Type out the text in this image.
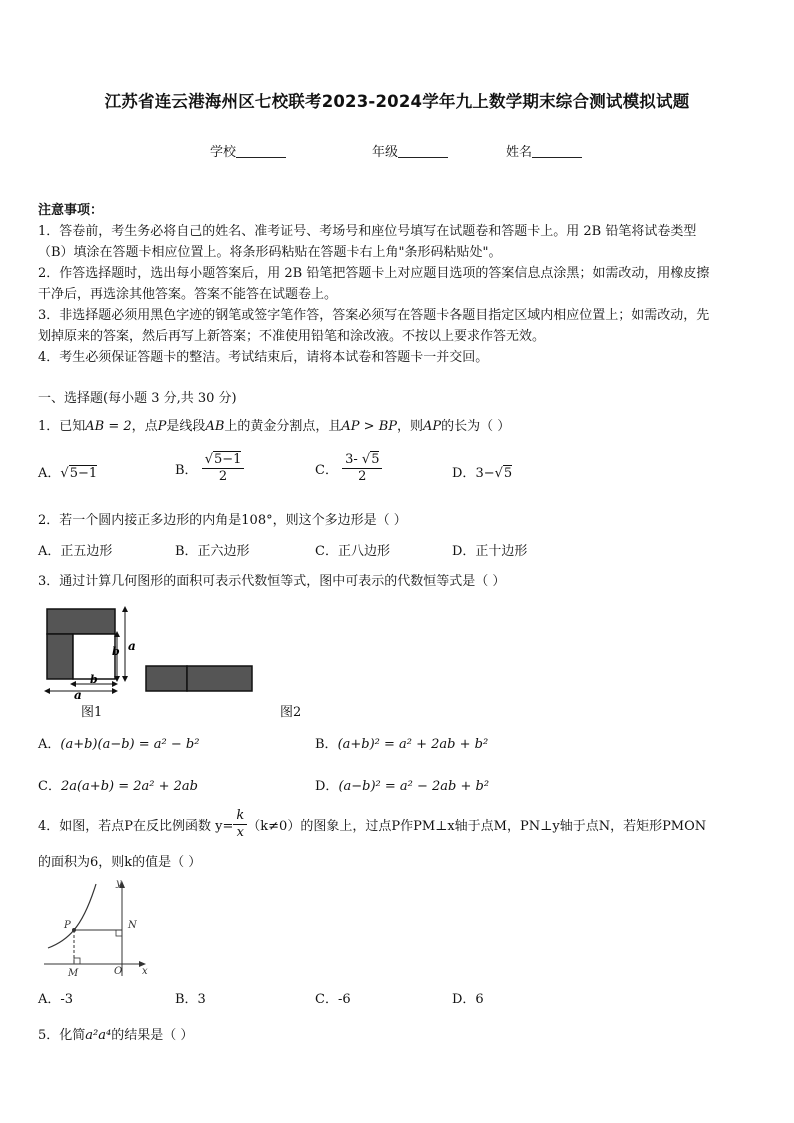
江苏省连云港海州区七校联考2023-2024学年九上数学期末综合测试模拟试题
学校	年级	姓名
注意事项：
1．答卷前，考生务必将自己的姓名、准考证号、考场号和座位号填写在试题卷和答题卡上。用 2B 铅笔将试卷类型
（B）填涂在答题卡相应位置上。将条形码粘贴在答题卡右上角"条形码粘贴处"。
2．作答选择题时，选出每小题答案后，用 2B 铅笔把答题卡上对应题目选项的答案信息点涂黑；如需改动，用橡皮擦
干净后，再选涂其他答案。答案不能答在试题卷上。
3．非选择题必须用黑色字迹的钢笔或签字笔作答，答案必须写在答题卡各题目指定区域内相应位置上；如需改动，先
划掉原来的答案，然后再写上新答案；不准使用铅笔和涂改液。不按以上要求作答无效。
4．考生必须保证答题卡的整洁。考试结束后，请将本试卷和答题卡一并交回。
一、选择题(每小题 3 分,共 30 分)
1．已知AB = 2，点P是线段AB上的黄金分割点，且AP > BP，则AP的长为（ ）
A．√5−1	B． $\frac{√5-1}{2}$	C． $\frac{3- √5}{2}$	D．3−√5
2．若一个圆内接正多边形的内角是108°，则这个多边形是（ ）
A．正五边形	B．正六边形	C．正八边形	D．正十边形
3．通过计算几何图形的面积可表示代数恒等式，图中可表示的代数恒等式是（ ）
a
b
b
a
图1	图2
A．(a+b)(a−b) = a² − b²	B．(a+b)² = a² + 2ab + b²
C．2a(a+b) = 2a² + 2ab	D．(a−b)² = a² − 2ab + b²
4．如图，若点P在反比例函数 $y= \frac{k}{x} (k\ne 0)$的图象上，过点P作PM⊥x轴于点M，PN⊥y轴于点N，若矩形PMON
的面积为6，则k的值是（ ）
y
x
P	N
M	O
A．-3	B．3	C．-6	D．6
5．化简a²a⁴的结果是（ ）
